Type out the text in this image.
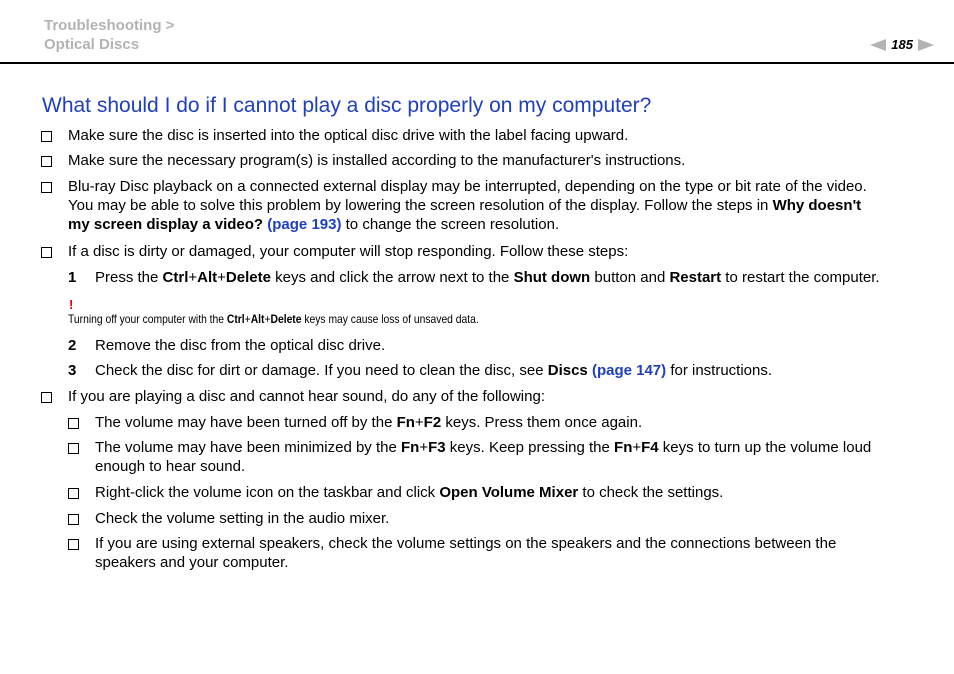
Troubleshooting >
Optical Discs	185
What should I do if I cannot play a disc properly on my computer?
Make sure the disc is inserted into the optical disc drive with the label facing upward.
Make sure the necessary program(s) is installed according to the manufacturer's instructions.
Blu-ray Disc playback on a connected external display may be interrupted, depending on the type or bit rate of the video.
You may be able to solve this problem by lowering the screen resolution of the display. Follow the steps in Why doesn't
my screen display a video? (page 193) to change the screen resolution.
If a disc is dirty or damaged, your computer will stop responding. Follow these steps:
1 Press the Ctrl+Alt+Delete keys and click the arrow next to the Shut down button and Restart to restart the computer.
!
Turning off your computer with the Ctrl+Alt+Delete keys may cause loss of unsaved data.
2 Remove the disc from the optical disc drive.
3 Check the disc for dirt or damage. If you need to clean the disc, see Discs (page 147) for instructions.
If you are playing a disc and cannot hear sound, do any of the following:
The volume may have been turned off by the Fn+F2 keys. Press them once again.
The volume may have been minimized by the Fn+F3 keys. Keep pressing the Fn+F4 keys to turn up the volume loud
enough to hear sound.
Right-click the volume icon on the taskbar and click Open Volume Mixer to check the settings.
Check the volume setting in the audio mixer.
If you are using external speakers, check the volume settings on the speakers and the connections between the
speakers and your computer.
